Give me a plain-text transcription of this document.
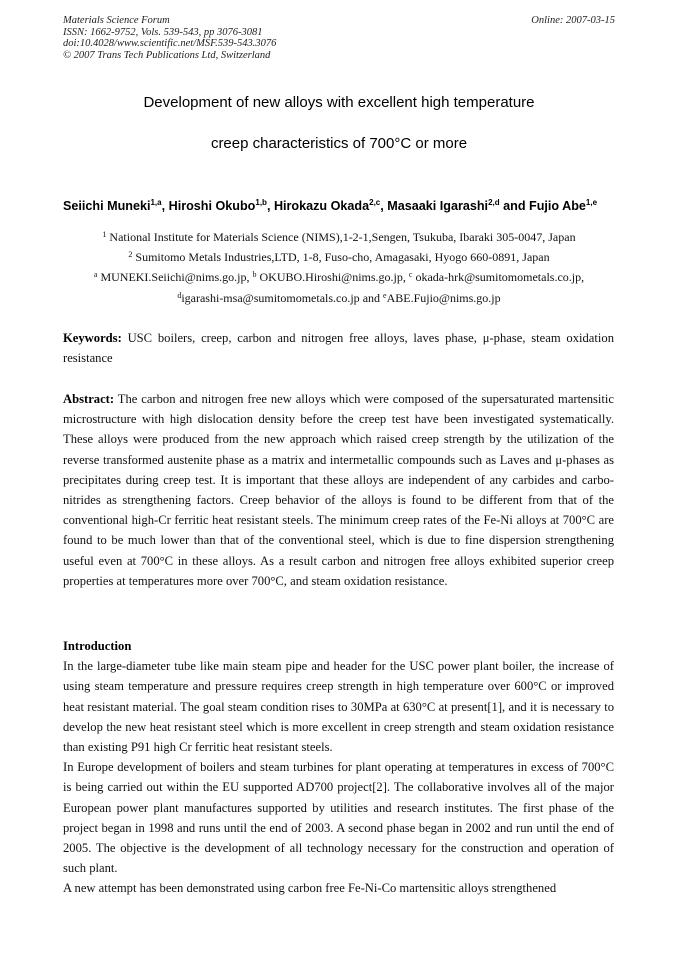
Materials Science Forum
ISSN: 1662-9752, Vols. 539-543, pp 3076-3081
doi:10.4028/www.scientific.net/MSF.539-543.3076
© 2007 Trans Tech Publications Ltd, Switzerland
Online: 2007-03-15
Development of new alloys with excellent high temperature
creep characteristics of 700°C or more
Seiichi Muneki$^{1,a}$, Hiroshi Okubo$^{1,b}$, Hirokazu Okada$^{2,c}$, Masaaki Igarashi$^{2,d}$ and Fujio Abe$^{1,e}$
$^1$ National Institute for Materials Science (NIMS),1-2-1,Sengen, Tsukuba, Ibaraki 305-0047, Japan
$^2$ Sumitomo Metals Industries,LTD, 1-8, Fuso-cho, Amagasaki, Hyogo 660-0891, Japan
$^a$ MUNEKI.Seiichi@nims.go.jp, $^b$ OKUBO.Hiroshi@nims.go.jp, $^c$ okada-hrk@sumitomometals.co.jp,
$^d$igarashi-msa@sumitomometals.co.jp and $^e$ABE.Fujio@nims.go.jp
Keywords: USC boilers, creep, carbon and nitrogen free alloys, laves phase, μ-phase, steam oxidation resistance
Abstract: The carbon and nitrogen free new alloys which were composed of the supersaturated martensitic microstructure with high dislocation density before the creep test have been investigated systematically. These alloys were produced from the new approach which raised creep strength by the utilization of the reverse transformed austenite phase as a matrix and intermetallic compounds such as Laves and μ-phases as precipitates during creep test. It is important that these alloys are independent of any carbides and carbo-nitrides as strengthening factors. Creep behavior of the alloys is found to be different from that of the conventional high-Cr ferritic heat resistant steels. The minimum creep rates of the Fe-Ni alloys at 700°C are found to be much lower than that of the conventional steel, which is due to fine dispersion strengthening useful even at 700°C in these alloys. As a result carbon and nitrogen free alloys exhibited superior creep properties at temperatures more over 700°C, and steam oxidation resistance.
Introduction

In the large-diameter tube like main steam pipe and header for the USC power plant boiler, the increase of using steam temperature and pressure requires creep strength in high temperature over 600°C or improved heat resistant material. The goal steam condition rises to 30MPa at 630°C at present[1], and it is necessary to develop the new heat resistant steel which is more excellent in creep strength and steam oxidation resistance than existing P91 high Cr ferritic heat resistant steels.

In Europe development of boilers and steam turbines for plant operating at temperatures in excess of 700°C is being carried out within the EU supported AD700 project[2]. The collaborative involves all of the major European power plant manufactures supported by utilities and research institutes. The first phase of the project began in 1998 and runs until the end of 2003. A second phase began in 2002 and run until the end of 2005. The objective is the development of all technology necessary for the construction and operation of such plant.

A new attempt has been demonstrated using carbon free Fe-Ni-Co martensitic alloys strengthened
